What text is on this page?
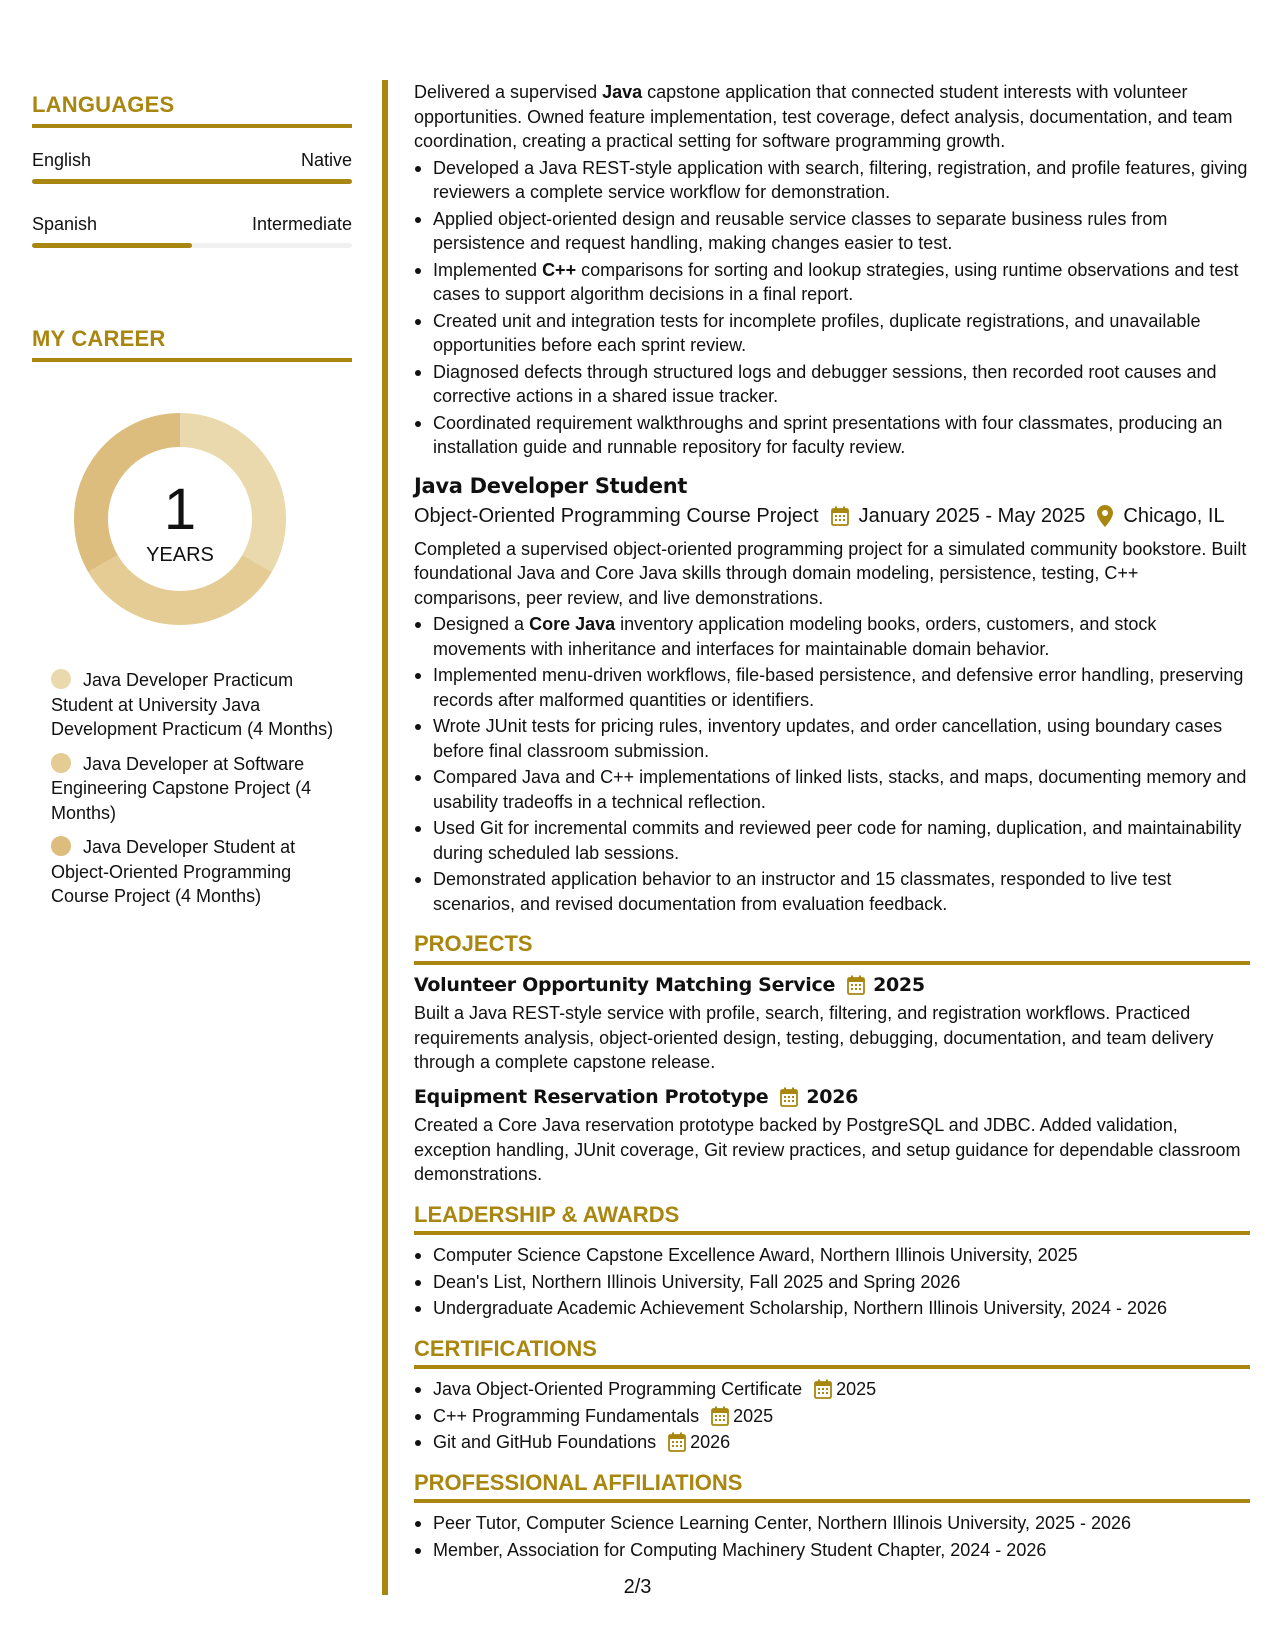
LANGUAGES
English	Native
Spanish	Intermediate
MY CAREER
1
YEARS
Java Developer Practicum Student at University Java Development Practicum (4 Months)
Java Developer at Software Engineering Capstone Project (4 Months)
Java Developer Student at Object-Oriented Programming Course Project (4 Months)
Delivered a supervised Java capstone application that connected student interests with volunteer opportunities. Owned feature implementation, test coverage, defect analysis, documentation, and team coordination, creating a practical setting for software programming growth.
Developed a Java REST-style application with search, filtering, registration, and profile features, giving reviewers a complete service workflow for demonstration.
Applied object-oriented design and reusable service classes to separate business rules from persistence and request handling, making changes easier to test.
Implemented C++ comparisons for sorting and lookup strategies, using runtime observations and test cases to support algorithm decisions in a final report.
Created unit and integration tests for incomplete profiles, duplicate registrations, and unavailable opportunities before each sprint review.
Diagnosed defects through structured logs and debugger sessions, then recorded root causes and corrective actions in a shared issue tracker.
Coordinated requirement walkthroughs and sprint presentations with four classmates, producing an installation guide and runnable repository for faculty review.
Java Developer Student
Object-Oriented Programming Course Project January 2025 - May 2025 Chicago, IL
Completed a supervised object-oriented programming project for a simulated community bookstore. Built foundational Java and Core Java skills through domain modeling, persistence, testing, C++ comparisons, peer review, and live demonstrations.
Designed a Core Java inventory application modeling books, orders, customers, and stock movements with inheritance and interfaces for maintainable domain behavior.
Implemented menu-driven workflows, file-based persistence, and defensive error handling, preserving records after malformed quantities or identifiers.
Wrote JUnit tests for pricing rules, inventory updates, and order cancellation, using boundary cases before final classroom submission.
Compared Java and C++ implementations of linked lists, stacks, and maps, documenting memory and usability tradeoffs in a technical reflection.
Used Git for incremental commits and reviewed peer code for naming, duplication, and maintainability during scheduled lab sessions.
Demonstrated application behavior to an instructor and 15 classmates, responded to live test scenarios, and revised documentation from evaluation feedback.
PROJECTS
Volunteer Opportunity Matching Service 2025
Built a Java REST-style service with profile, search, filtering, and registration workflows. Practiced requirements analysis, object-oriented design, testing, debugging, documentation, and team delivery through a complete capstone release.
Equipment Reservation Prototype 2026
Created a Core Java reservation prototype backed by PostgreSQL and JDBC. Added validation, exception handling, JUnit coverage, Git review practices, and setup guidance for dependable classroom demonstrations.
LEADERSHIP & AWARDS
Computer Science Capstone Excellence Award, Northern Illinois University, 2025
Dean's List, Northern Illinois University, Fall 2025 and Spring 2026
Undergraduate Academic Achievement Scholarship, Northern Illinois University, 2024 - 2026
CERTIFICATIONS
Java Object-Oriented Programming Certificate 2025
C++ Programming Fundamentals 2025
Git and GitHub Foundations 2026
PROFESSIONAL AFFILIATIONS
Peer Tutor, Computer Science Learning Center, Northern Illinois University, 2025 - 2026
Member, Association for Computing Machinery Student Chapter, 2024 - 2026
2/3
